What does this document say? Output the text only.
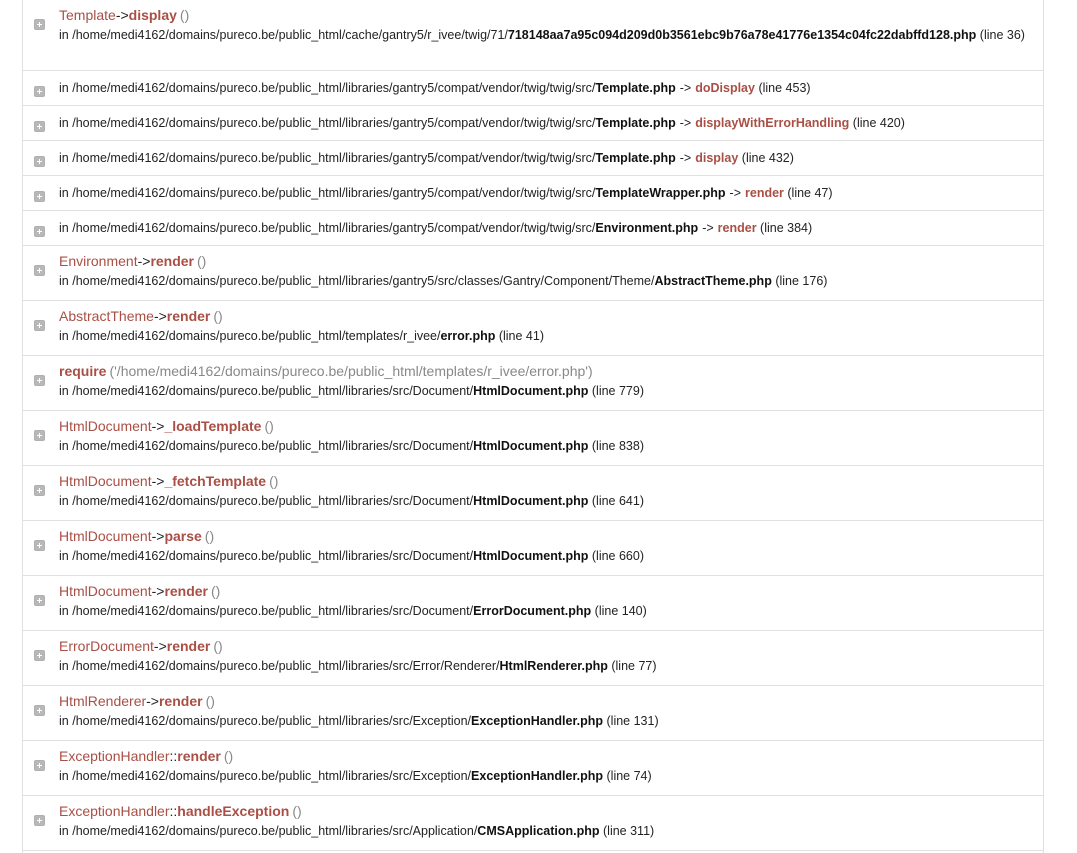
Template->display ()
in /home/medi4162/domains/pureco.be/public_html/cache/gantry5/r_ivee/twig/71/718148aa7a95c094d209d0b3561ebc9b76a78e41776e1354c04fc22dabffd128.php (line 36)
in /home/medi4162/domains/pureco.be/public_html/libraries/gantry5/compat/vendor/twig/twig/src/Template.php -> doDisplay (line 453)
in /home/medi4162/domains/pureco.be/public_html/libraries/gantry5/compat/vendor/twig/twig/src/Template.php -> displayWithErrorHandling (line 420)
in /home/medi4162/domains/pureco.be/public_html/libraries/gantry5/compat/vendor/twig/twig/src/Template.php -> display (line 432)
in /home/medi4162/domains/pureco.be/public_html/libraries/gantry5/compat/vendor/twig/twig/src/TemplateWrapper.php -> render (line 47)
in /home/medi4162/domains/pureco.be/public_html/libraries/gantry5/compat/vendor/twig/twig/src/Environment.php -> render (line 384)
Environment->render ()
in /home/medi4162/domains/pureco.be/public_html/libraries/gantry5/src/classes/Gantry/Component/Theme/AbstractTheme.php (line 176)
AbstractTheme->render ()
in /home/medi4162/domains/pureco.be/public_html/templates/r_ivee/error.php (line 41)
require ('/home/medi4162/domains/pureco.be/public_html/templates/r_ivee/error.php')
in /home/medi4162/domains/pureco.be/public_html/libraries/src/Document/HtmlDocument.php (line 779)
HtmlDocument->_loadTemplate ()
in /home/medi4162/domains/pureco.be/public_html/libraries/src/Document/HtmlDocument.php (line 838)
HtmlDocument->_fetchTemplate ()
in /home/medi4162/domains/pureco.be/public_html/libraries/src/Document/HtmlDocument.php (line 641)
HtmlDocument->parse ()
in /home/medi4162/domains/pureco.be/public_html/libraries/src/Document/HtmlDocument.php (line 660)
HtmlDocument->render ()
in /home/medi4162/domains/pureco.be/public_html/libraries/src/Document/ErrorDocument.php (line 140)
ErrorDocument->render ()
in /home/medi4162/domains/pureco.be/public_html/libraries/src/Error/Renderer/HtmlRenderer.php (line 77)
HtmlRenderer->render ()
in /home/medi4162/domains/pureco.be/public_html/libraries/src/Exception/ExceptionHandler.php (line 131)
ExceptionHandler::render ()
in /home/medi4162/domains/pureco.be/public_html/libraries/src/Exception/ExceptionHandler.php (line 74)
ExceptionHandler::handleException ()
in /home/medi4162/domains/pureco.be/public_html/libraries/src/Application/CMSApplication.php (line 311)
